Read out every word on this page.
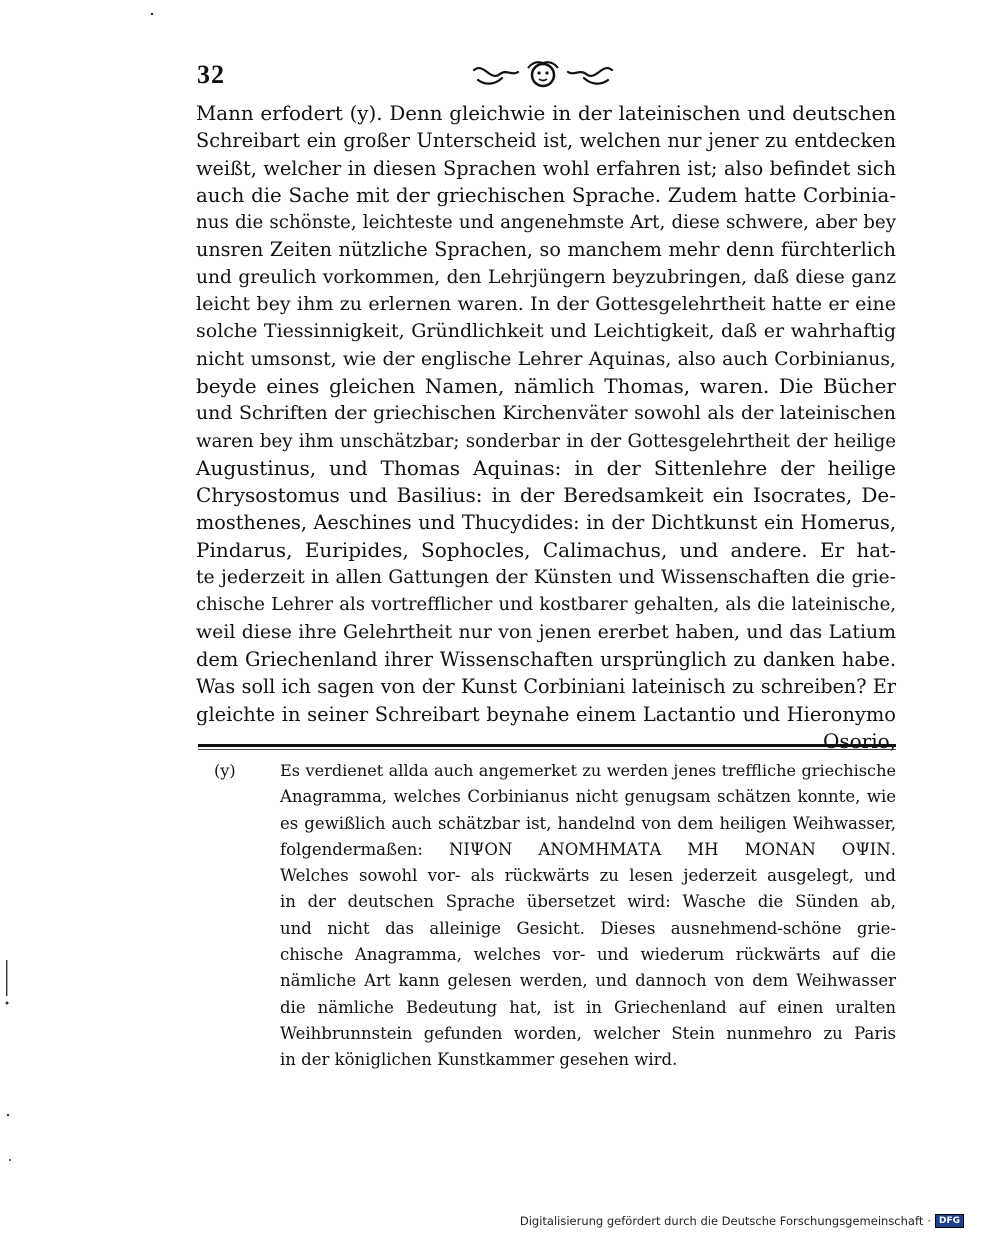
32
Mann erfodert (y). Denn gleichwie in der lateinischen und deutschen
Schreibart ein großer Unterscheid ist, welchen nur jener zu entdecken
weißt, welcher in diesen Sprachen wohl erfahren ist; also befindet sich
auch die Sache mit der griechischen Sprache. Zudem hatte Corbinia-
nus die schönste, leichteste und angenehmste Art, diese schwere, aber bey
unsren Zeiten nützliche Sprachen, so manchem mehr denn fürchterlich
und greulich vorkommen, den Lehrjüngern beyzubringen, daß diese ganz
leicht bey ihm zu erlernen waren. In der Gottesgelehrtheit hatte er eine
solche Tiessinnigkeit, Gründlichkeit und Leichtigkeit, daß er wahrhaftig
nicht umsonst, wie der englische Lehrer Aquinas, also auch Corbinianus,
beyde eines gleichen Namen, nämlich Thomas, waren. Die Bücher
und Schriften der griechischen Kirchenväter sowohl als der lateinischen
waren bey ihm unschätzbar; sonderbar in der Gottesgelehrtheit der heilige
Augustinus, und Thomas Aquinas: in der Sittenlehre der heilige
Chrysostomus und Basilius: in der Beredsamkeit ein Isocrates, De-
mosthenes, Aeschines und Thucydides: in der Dichtkunst ein Homerus,
Pindarus, Euripides, Sophocles, Calimachus, und andere. Er hat-
te jederzeit in allen Gattungen der Künsten und Wissenschaften die grie-
chische Lehrer als vortrefflicher und kostbarer gehalten, als die lateinische,
weil diese ihre Gelehrtheit nur von jenen ererbet haben, und das Latium
dem Griechenland ihrer Wissenschaften ursprünglich zu danken habe.
Was soll ich sagen von der Kunst Corbiniani lateinisch zu schreiben? Er
gleichte in seiner Schreibart beynahe einem Lactantio und Hieronymo
Osorio,
(y)	Es verdienet allda auch angemerket zu werden jenes treffliche griechische
Anagramma, welches Corbinianus nicht genugsam schätzen konnte, wie
es gewißlich auch schätzbar ist, handelnd von dem heiligen Weihwasser,
folgendermaßen: NIΨΟΝ ΑΝΟΜΗΜΑΤΑ ΜΗ ΜΟΝΑΝ ΟΨΙΝ.
Welches sowohl vor- als rückwärts zu lesen jederzeit ausgelegt, und
in der deutschen Sprache übersetzet wird: Wasche die Sünden ab,
und nicht das alleinige Gesicht. Dieses ausnehmend-schöne grie-
chische Anagramma, welches vor- und wiederum rückwärts auf die
nämliche Art kann gelesen werden, und dannoch von dem Weihwasser
die nämliche Bedeutung hat, ist in Griechenland auf einen uralten
Weihbrunnstein gefunden worden, welcher Stein nunmehro zu Paris
in der königlichen Kunstkammer gesehen wird.
Digitalisierung gefördert durch die Deutsche Forschungsgemeinschaft · DFG
